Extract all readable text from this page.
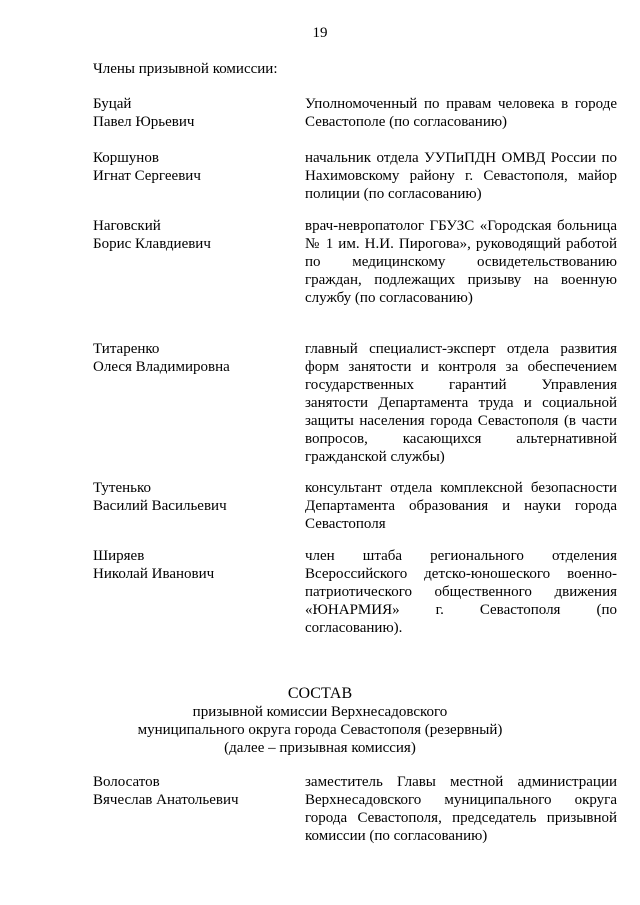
19
Члены призывной комиссии:
Буцай
Павел Юрьевич
Уполномоченный по правам человека в городе Севастополе (по согласованию)
Коршунов
Игнат Сергеевич
начальник отдела УУПиПДН ОМВД России по Нахимовскому району г. Севастополя, майор полиции (по согласованию)
Наговский
Борис Клавдиевич
врач-невропатолог ГБУЗС «Городская больница № 1 им. Н.И. Пирогова», руководящий работой по медицинскому освидетельствованию граждан, подлежащих призыву на военную службу (по согласованию)
Титаренко
Олеся Владимировна
главный специалист-эксперт отдела развития форм занятости и контроля за обеспечением государственных гарантий Управления занятости Департамента труда и социальной защиты населения города Севастополя (в части вопросов, касающихся альтернативной гражданской службы)
Тутенько
Василий Васильевич
консультант отдела комплексной безопасности Департамента образования и науки города Севастополя
Ширяев
Николай Иванович
член штаба регионального отделения Всероссийского детско-юношеского военно-патриотического общественного движения «ЮНАРМИЯ» г. Севастополя (по согласованию).
СОСТАВ
призывной комиссии Верхнесадовского
муниципального округа города Севастополя (резервный)
(далее – призывная комиссия)
Волосатов
Вячеслав Анатольевич
заместитель Главы местной администрации Верхнесадовского муниципального округа города Севастополя, председатель призывной комиссии (по согласованию)
